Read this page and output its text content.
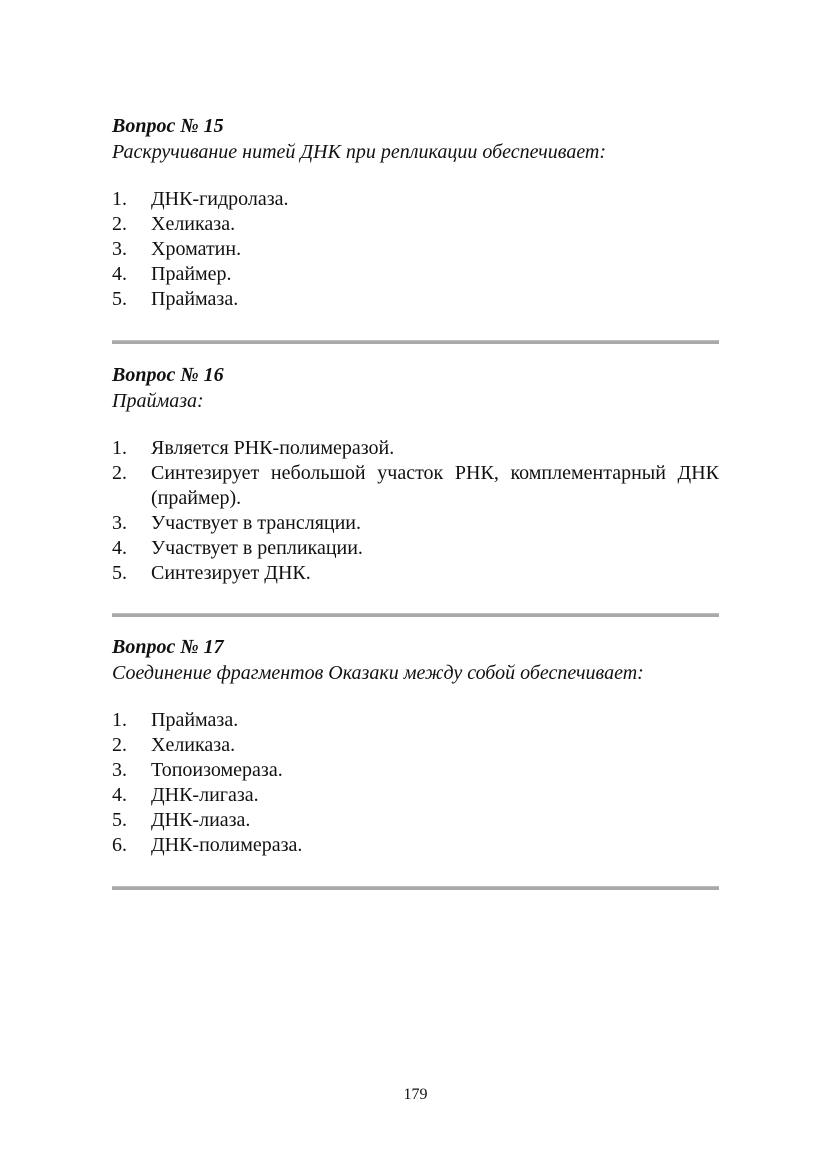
Вопрос № 15

Раскручивание нитей ДНК при репликации обеспечивает:

1. ДНК-гидролаза.
2. Хеликаза.
3. Хроматин.
4. Праймер.
5. Праймаза.

Вопрос № 16

Праймаза:

1. Является РНК-полимеразой.
2. Синтезирует небольшой участок РНК, комплементарный ДНК (праймер).
3. Участвует в трансляции.
4. Участвует в репликации.
5. Синтезирует ДНК.

Вопрос № 17

Соединение фрагментов Оказаки между собой обеспечивает:

1. Праймаза.
2. Хеликаза.
3. Топоизомераза.
4. ДНК-лигаза.
5. ДНК-лиаза.
6. ДНК-полимераза.
179
